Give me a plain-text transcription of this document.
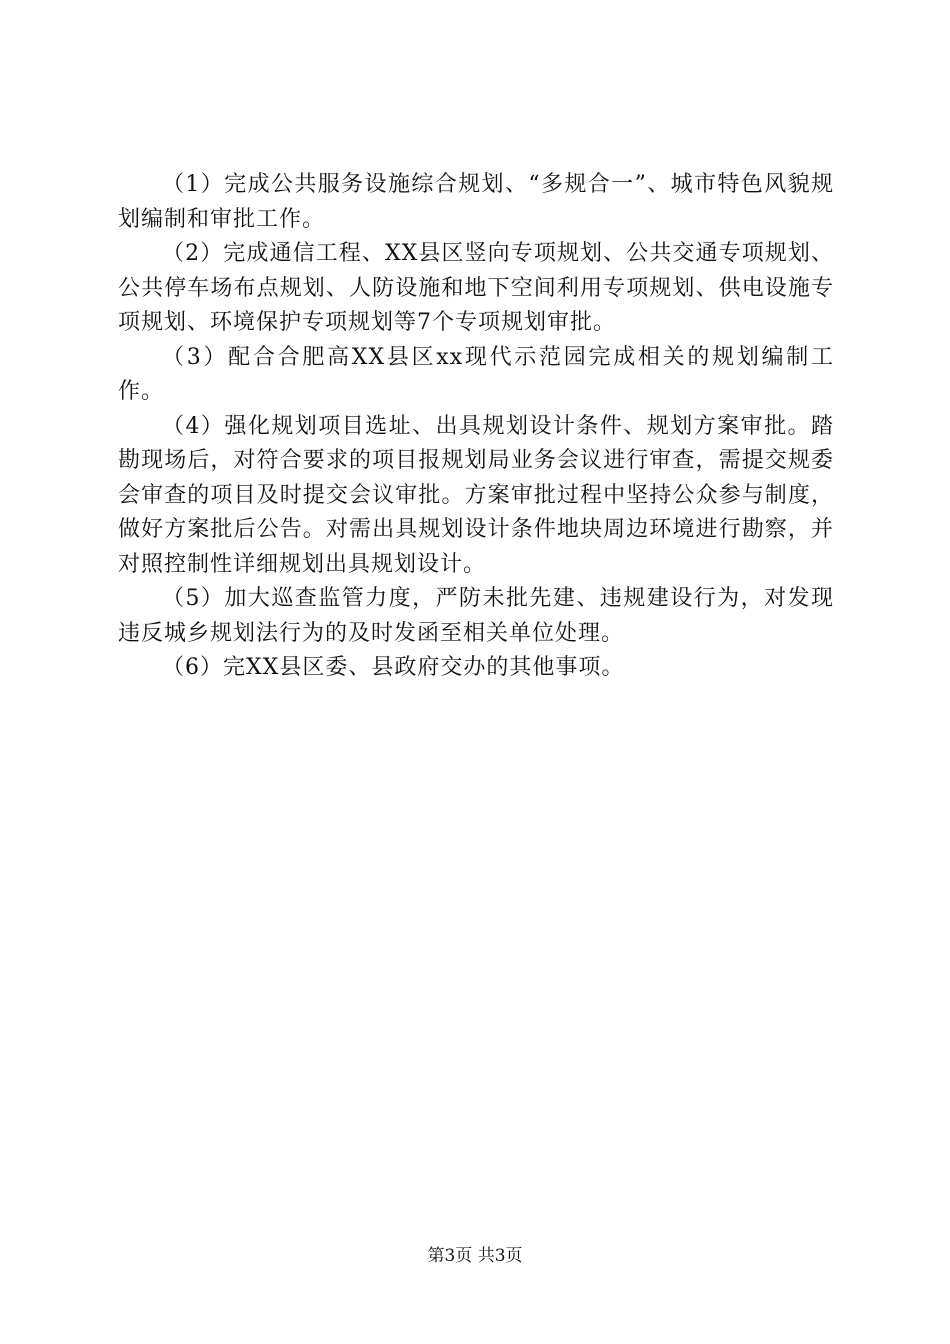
（1）完成公共服务设施综合规划、“多规合一”、城市特色风貌规划编制和审批工作。

（2）完成通信工程、XX县区竖向专项规划、公共交通专项规划、公共停车场布点规划、人防设施和地下空间利用专项规划、供电设施专项规划、环境保护专项规划等7个专项规划审批。

（3）配合合肥高XX县区xx现代示范园完成相关的规划编制工作。

（4）强化规划项目选址、出具规划设计条件、规划方案审批。踏勘现场后，对符合要求的项目报规划局业务会议进行审查，需提交规委会审查的项目及时提交会议审批。方案审批过程中坚持公众参与制度，做好方案批后公告。对需出具规划设计条件地块周边环境进行勘察，并对照控制性详细规划出具规划设计。

（5）加大巡查监管力度，严防未批先建、违规建设行为，对发现违反城乡规划法行为的及时发函至相关单位处理。

（6）完XX县区委、县政府交办的其他事项。

第3页 共3页
